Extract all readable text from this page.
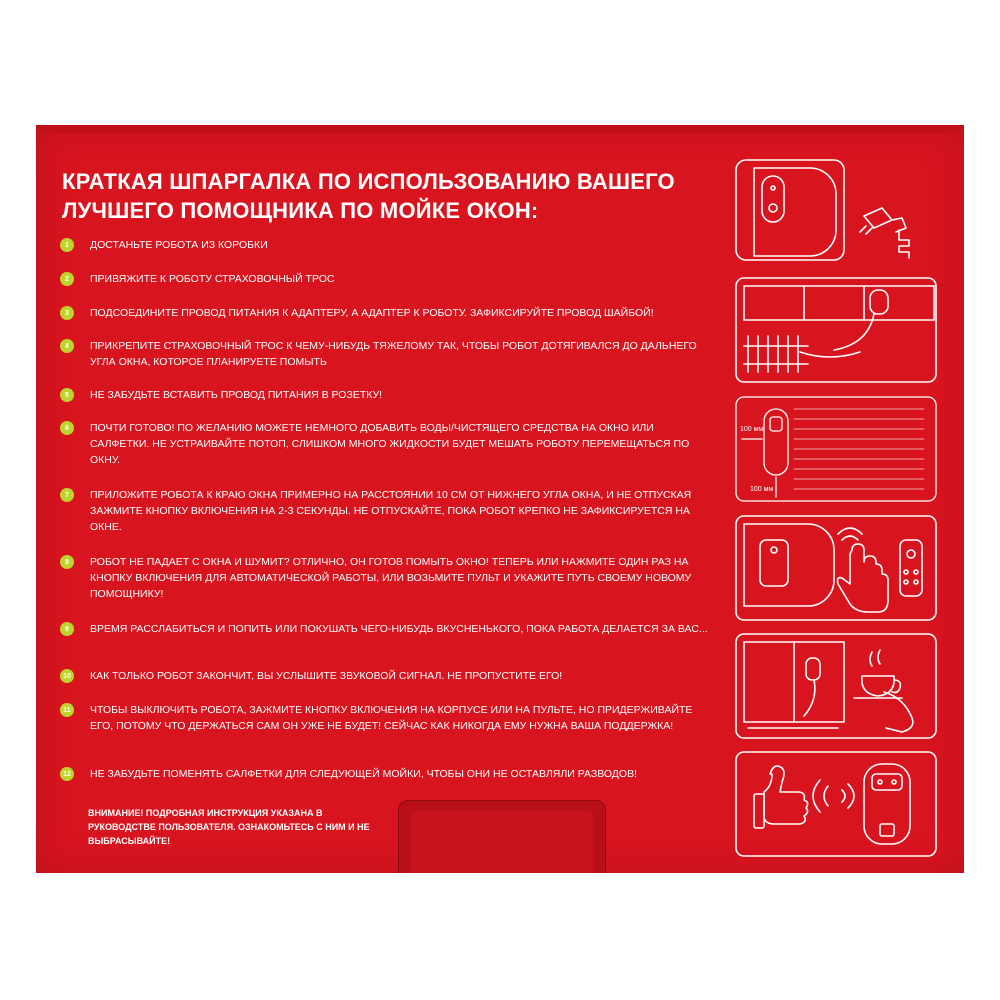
КРАТКАЯ ШПАРГАЛКА ПО ИСПОЛЬЗОВАНИЮ ВАШЕГО ЛУЧШЕГО ПОМОЩНИКА ПО МОЙКЕ ОКОН:
1	ДОСТАНЬТЕ РОБОТА ИЗ КОРОБКИ
2	ПРИВЯЖИТЕ К РОБОТУ СТРАХОВОЧНЫЙ ТРОС
3	ПОДСОЕДИНИТЕ ПРОВОД ПИТАНИЯ К АДАПТЕРУ, А АДАПТЕР К РОБОТУ. ЗАФИКСИРУЙТЕ ПРОВОД ШАЙБОЙ!
4	ПРИКРЕПИТЕ СТРАХОВОЧНЫЙ ТРОС К ЧЕМУ-НИБУДЬ ТЯЖЕЛОМУ ТАК, ЧТОБЫ РОБОТ ДОТЯГИВАЛСЯ ДО ДАЛЬНЕГО УГЛА ОКНА, КОТОРОЕ ПЛАНИРУЕТЕ ПОМЫТЬ
5	НЕ ЗАБУДЬТЕ ВСТАВИТЬ ПРОВОД ПИТАНИЯ В РОЗЕТКУ!
6	ПОЧТИ ГОТОВО! ПО ЖЕЛАНИЮ МОЖЕТЕ НЕМНОГО ДОБАВИТЬ ВОДЫ/ЧИСТЯЩЕГО СРЕДСТВА НА ОКНО ИЛИ САЛФЕТКИ. НЕ УСТРАИВАЙТЕ ПОТОП, СЛИШКОМ МНОГО ЖИДКОСТИ БУДЕТ МЕШАТЬ РОБОТУ ПЕРЕМЕЩАТЬСЯ ПО ОКНУ.
7	ПРИЛОЖИТЕ РОБОТА К КРАЮ ОКНА ПРИМЕРНО НА РАССТОЯНИИ 10 СМ ОТ НИЖНЕГО УГЛА ОКНА, И НЕ ОТПУСКАЯ ЗАЖМИТЕ КНОПКУ ВКЛЮЧЕНИЯ НА 2-3 СЕКУНДЫ. НЕ ОТПУСКАЙТЕ, ПОКА РОБОТ КРЕПКО НЕ ЗАФИКСИРУЕТСЯ НА ОКНЕ.
8	РОБОТ НЕ ПАДАЕТ С ОКНА И ШУМИТ? ОТЛИЧНО, ОН ГОТОВ ПОМЫТЬ ОКНО! ТЕПЕРЬ ИЛИ НАЖМИТЕ ОДИН РАЗ НА КНОПКУ ВКЛЮЧЕНИЯ ДЛЯ АВТОМАТИЧЕСКОЙ РАБОТЫ, ИЛИ ВОЗЬМИТЕ ПУЛЬТ И УКАЖИТЕ ПУТЬ СВОЕМУ НОВОМУ ПОМОЩНИКУ!
9	ВРЕМЯ РАССЛАБИТЬСЯ И ПОПИТЬ ИЛИ ПОКУШАТЬ ЧЕГО-НИБУДЬ ВКУСНЕНЬКОГО, ПОКА РАБОТА ДЕЛАЕТСЯ ЗА ВАС...
10 КАК ТОЛЬКО РОБОТ ЗАКОНЧИТ, ВЫ УСЛЫШИТЕ ЗВУКОВОЙ СИГНАЛ. НЕ ПРОПУСТИТЕ ЕГО!
11	ЧТОБЫ ВЫКЛЮЧИТЬ РОБОТА, ЗАЖМИТЕ КНОПКУ ВКЛЮЧЕНИЯ НА КОРПУСЕ ИЛИ НА ПУЛЬТЕ, НО ПРИДЕРЖИВАЙТЕ ЕГО, ПОТОМУ ЧТО ДЕРЖАТЬСЯ САМ ОН УЖЕ НЕ БУДЕТ! СЕЙЧАС КАК НИКОГДА ЕМУ НУЖНА ВАША ПОДДЕРЖКА!
12 НЕ ЗАБУДЬТЕ ПОМЕНЯТЬ САЛФЕТКИ ДЛЯ СЛЕДУЮЩЕЙ МОЙКИ, ЧТОБЫ ОНИ НЕ ОСТАВЛЯЛИ РАЗВОДОВ!
ВНИМАНИЕ! ПОДРОБНАЯ ИНСТРУКЦИЯ УКАЗАНА В РУКОВОДСТВЕ ПОЛЬЗОВАТЕЛЯ. ОЗНАКОМЬТЕСЬ С НИМ И НЕ ВЫБРАСЫВАЙТЕ!
100 мм
100 мм
